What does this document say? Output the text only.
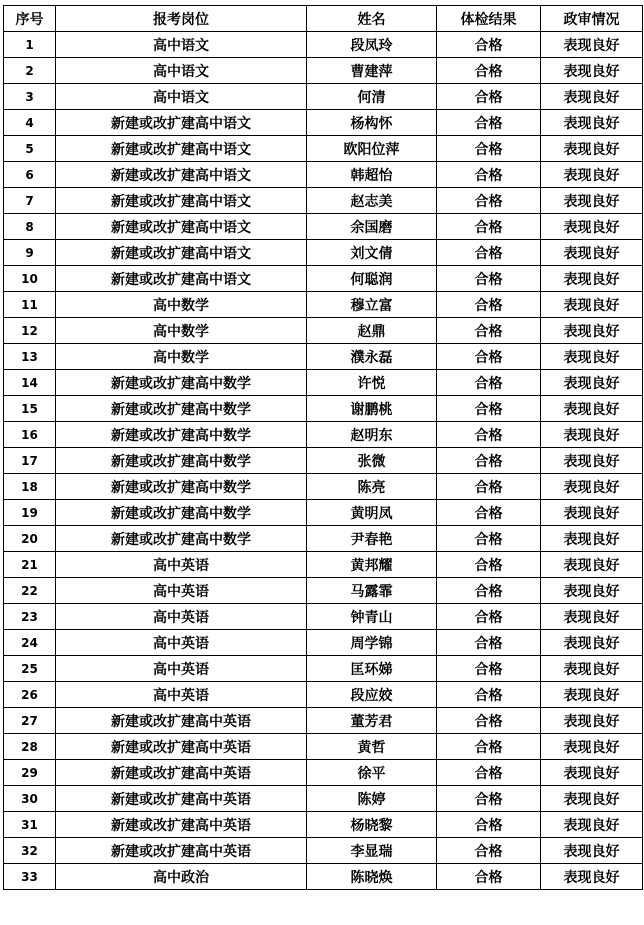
序号	报考岗位	姓名	体检结果	政审情况
1	高中语文	段凤玲	合格	表现良好
2	高中语文	曹建萍	合格	表现良好
3	高中语文	何清	合格	表现良好
4	新建或改扩建高中语文	杨构怀	合格	表现良好
5	新建或改扩建高中语文	欧阳位萍	合格	表现良好
6	新建或改扩建高中语文	韩超怡	合格	表现良好
7	新建或改扩建高中语文	赵志美	合格	表现良好
8	新建或改扩建高中语文	余国磨	合格	表现良好
9	新建或改扩建高中语文	刘文倩	合格	表现良好
10	新建或改扩建高中语文	何聪润	合格	表现良好
11	高中数学	穆立富	合格	表现良好
12	高中数学	赵鼎	合格	表现良好
13	高中数学	濮永磊	合格	表现良好
14	新建或改扩建高中数学	许悦	合格	表现良好
15	新建或改扩建高中数学	谢鹏桃	合格	表现良好
16	新建或改扩建高中数学	赵明东	合格	表现良好
17	新建或改扩建高中数学	张微	合格	表现良好
18	新建或改扩建高中数学	陈亮	合格	表现良好
19	新建或改扩建高中数学	黄明凤	合格	表现良好
20	新建或改扩建高中数学	尹春艳	合格	表现良好
21	高中英语	黄邦耀	合格	表现良好
22	高中英语	马露霏	合格	表现良好
23	高中英语	钟青山	合格	表现良好
24	高中英语	周学锦	合格	表现良好
25	高中英语	匡环娣	合格	表现良好
26	高中英语	段应姣	合格	表现良好
27	新建或改扩建高中英语	董芳君	合格	表现良好
28	新建或改扩建高中英语	黄哲	合格	表现良好
29	新建或改扩建高中英语	徐平	合格	表现良好
30	新建或改扩建高中英语	陈婷	合格	表现良好
31	新建或改扩建高中英语	杨晓黎	合格	表现良好
32	新建或改扩建高中英语	李显瑞	合格	表现良好
33	高中政治	陈晓焕	合格	表现良好
